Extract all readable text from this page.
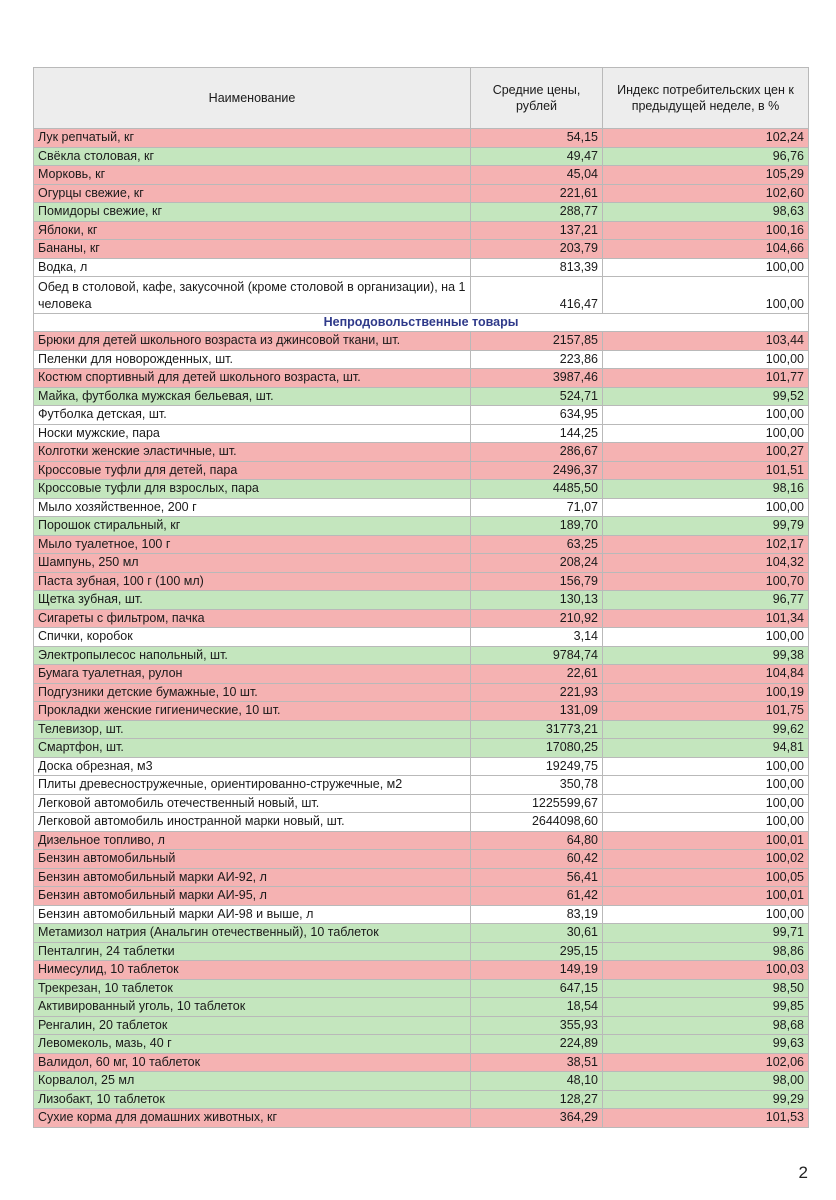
Наименование	Средние цены, рублей	Индекс потребительских цен к предыдущей неделе, в %
Лук репчатый, кг	54,15	102,24
Свёкла столовая, кг	49,47	96,76
Морковь, кг	45,04	105,29
Огурцы свежие, кг	221,61	102,60
Помидоры свежие, кг	288,77	98,63
Яблоки, кг	137,21	100,16
Бананы, кг	203,79	104,66
Водка, л	813,39	100,00
Обед в столовой, кафе, закусочной (кроме столовой в организации), на 1 человека	416,47	100,00
Непродовольственные товары		
Брюки для детей школьного возраста из джинсовой ткани, шт.	2157,85	103,44
Пеленки для новорожденных, шт.	223,86	100,00
Костюм спортивный для детей школьного возраста, шт.	3987,46	101,77
Майка, футболка мужская бельевая, шт.	524,71	99,52
Футболка детская, шт.	634,95	100,00
Носки мужские, пара	144,25	100,00
Колготки женские эластичные, шт.	286,67	100,27
Кроссовые туфли для детей, пара	2496,37	101,51
Кроссовые туфли для взрослых, пара	4485,50	98,16
Мыло хозяйственное, 200 г	71,07	100,00
Порошок стиральный, кг	189,70	99,79
Мыло туалетное, 100 г	63,25	102,17
Шампунь, 250 мл	208,24	104,32
Паста зубная, 100 г (100 мл)	156,79	100,70
Щетка зубная, шт.	130,13	96,77
Сигареты с фильтром, пачка	210,92	101,34
Спички, коробок	3,14	100,00
Электропылесос напольный, шт.	9784,74	99,38
Бумага туалетная, рулон	22,61	104,84
Подгузники детские бумажные, 10 шт.	221,93	100,19
Прокладки женские гигиенические, 10 шт.	131,09	101,75
Телевизор, шт.	31773,21	99,62
Смартфон, шт.	17080,25	94,81
Доска обрезная, м3	19249,75	100,00
Плиты древесностружечные, ориентированно-стружечные, м2	350,78	100,00
Легковой автомобиль отечественный новый, шт.	1225599,67	100,00
Легковой автомобиль иностранной марки новый, шт.	2644098,60	100,00
Дизельное топливо, л	64,80	100,01
Бензин автомобильный	60,42	100,02
Бензин автомобильный марки АИ-92, л	56,41	100,05
Бензин автомобильный марки АИ-95, л	61,42	100,01
Бензин автомобильный марки АИ-98 и выше, л	83,19	100,00
Метамизол натрия (Анальгин отечественный), 10 таблеток	30,61	99,71
Пенталгин, 24 таблетки	295,15	98,86
Нимесулид, 10 таблеток	149,19	100,03
Трекрезан, 10 таблеток	647,15	98,50
Активированный уголь, 10 таблеток	18,54	99,85
Ренгалин, 20 таблеток	355,93	98,68
Левомеколь, мазь, 40 г	224,89	99,63
Валидол, 60 мг, 10 таблеток	38,51	102,06
Корвалол, 25 мл	48,10	98,00
Лизобакт, 10 таблеток	128,27	99,29
Сухие корма для домашних животных, кг	364,29	101,53
2
